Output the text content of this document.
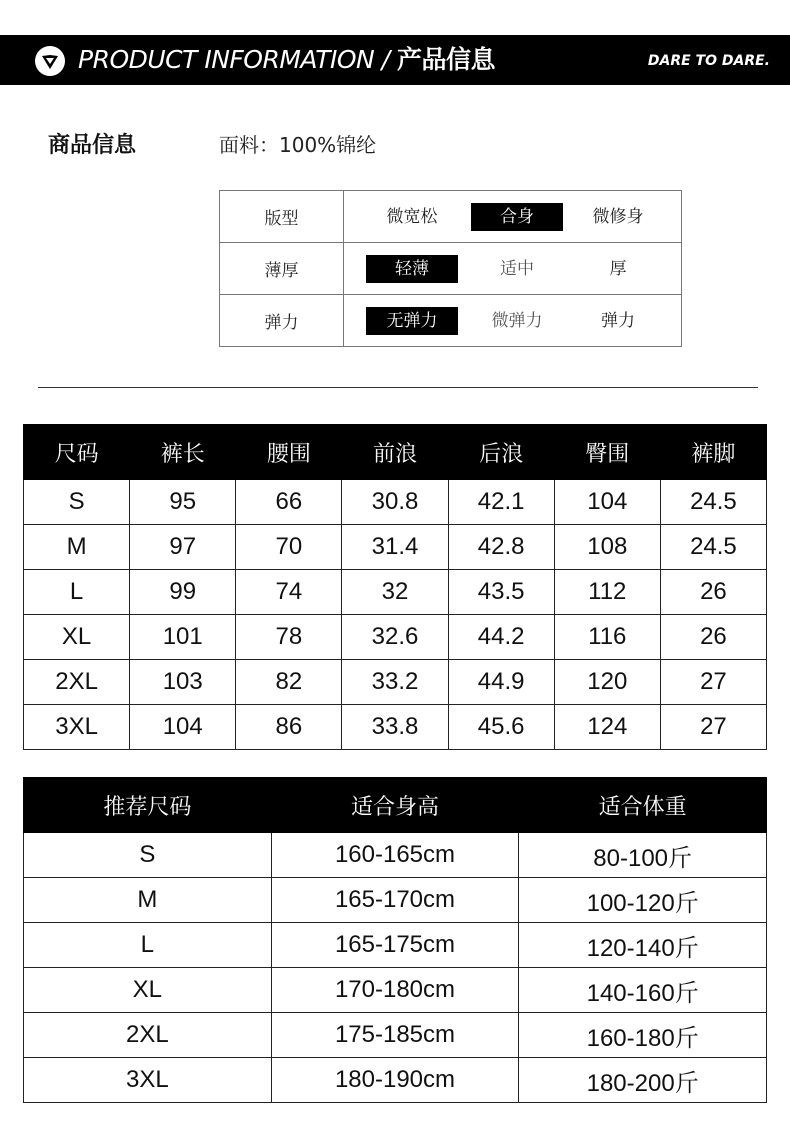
PRODUCT INFORMATION / 产品信息	DARE TO DARE.
商品信息	面料：100%锦纶
版型	微宽松 合身 微修身

薄厚	轻薄 适中 厚

弹力	无弹力 微弹力 弹力
尺码	裤长	腰围	前浪	后浪	臀围	裤脚
S	95	66	30.8	42.1	104	24.5
M	97	70	31.4	42.8	108	24.5
L	99	74	32	43.5	112	26
XL	101	78	32.6	44.2	116	26
2XL	103	82	33.2	44.9	120	27
3XL	104	86	33.8	45.6	124	27
推荐尺码	适合身高	适合体重
S	160-165cm	80-100斤
M	165-170cm	100-120斤
L	165-175cm	120-140斤
XL	170-180cm	140-160斤
2XL	175-185cm	160-180斤
3XL	180-190cm	180-200斤
